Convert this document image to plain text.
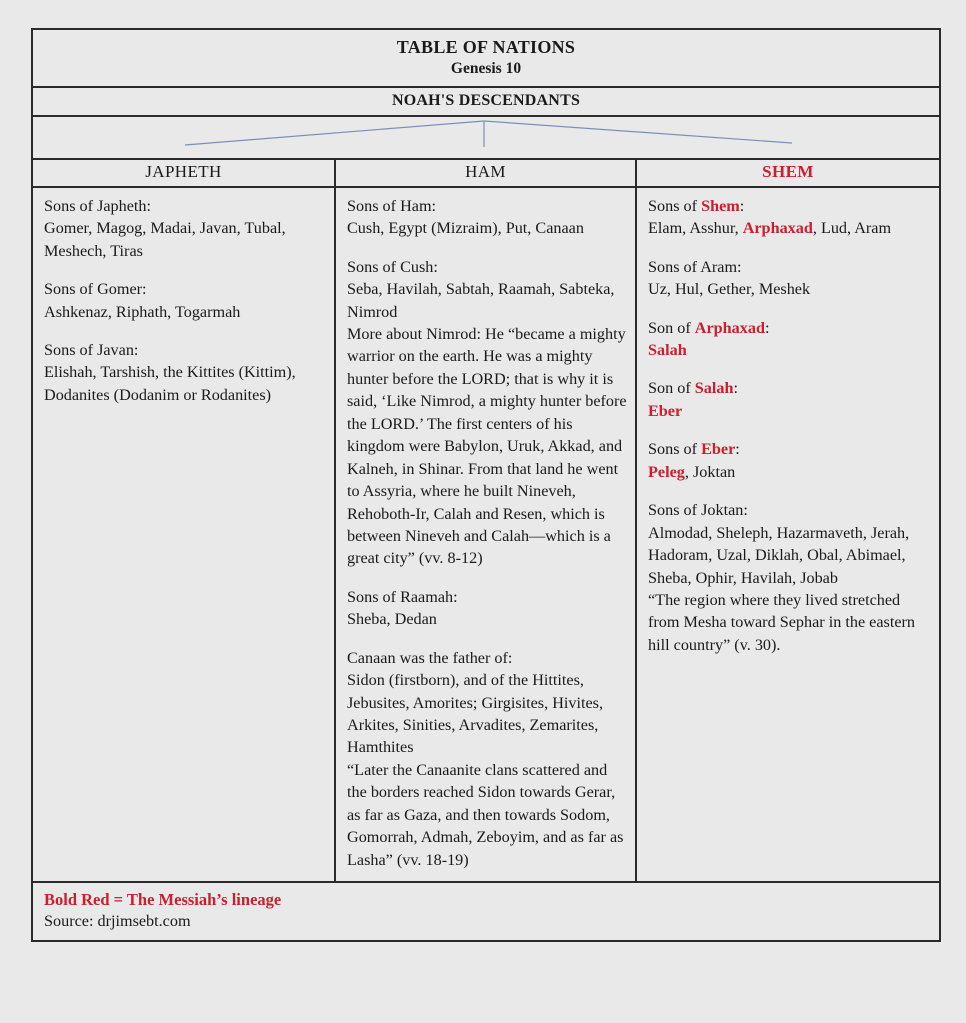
TABLE OF NATIONS
Genesis 10
NOAH'S DESCENDANTS
JAPHETH	HAM	SHEM

Sons of Japheth:

Gomer, Magog, Madai, Javan, Tubal, Meshech, Tiras

Sons of Gomer:

Ashkenaz, Riphath, Togarmah

Sons of Javan:

Elishah, Tarshish, the Kittites (Kittim), Dodanites (Dodanim or Rodanites)

Sons of Ham:

Cush, Egypt (Mizraim), Put, Canaan

Sons of Cush:

Seba, Havilah, Sabtah, Raamah, Sabteka, Nimrod

More about Nimrod: He “became a mighty warrior on the earth. He was a mighty hunter before the LORD; that is why it is said, ‘Like Nimrod, a mighty hunter before the LORD.’ The first centers of his kingdom were Babylon, Uruk, Akkad, and Kalneh, in Shinar. From that land he went to Assyria, where he built Nineveh, Rehoboth-Ir, Calah and Resen, which is between Nineveh and Calah—which is a great city” (vv. 8-12)

Sons of Raamah:

Sheba, Dedan

Canaan was the father of:

Sidon (firstborn), and of the Hittites, Jebusites, Amorites; Girgisites, Hivites, Arkites, Sinities, Arvadites, Zemarites, Hamthites

“Later the Canaanite clans scattered and the borders reached Sidon towards Gerar, as far as Gaza, and then towards Sodom, Gomorrah, Admah, Zeboyim, and as far as Lasha” (vv. 18-19)

Sons of Shem:

Elam, Asshur, Arphaxad, Lud, Aram

Sons of Aram:

Uz, Hul, Gether, Meshek

Son of Arphaxad:

Salah

Son of Salah:

Eber

Sons of Eber:

Peleg, Joktan

Sons of Joktan:

Almodad, Sheleph, Hazarmaveth, Jerah, Hadoram, Uzal, Diklah, Obal, Abimael, Sheba, Ophir, Havilah, Jobab

“The region where they lived stretched from Mesha toward Sephar in the eastern hill country” (v. 30).

Bold Red = The Messiah’s lineage
Source: drjimsebt.com
